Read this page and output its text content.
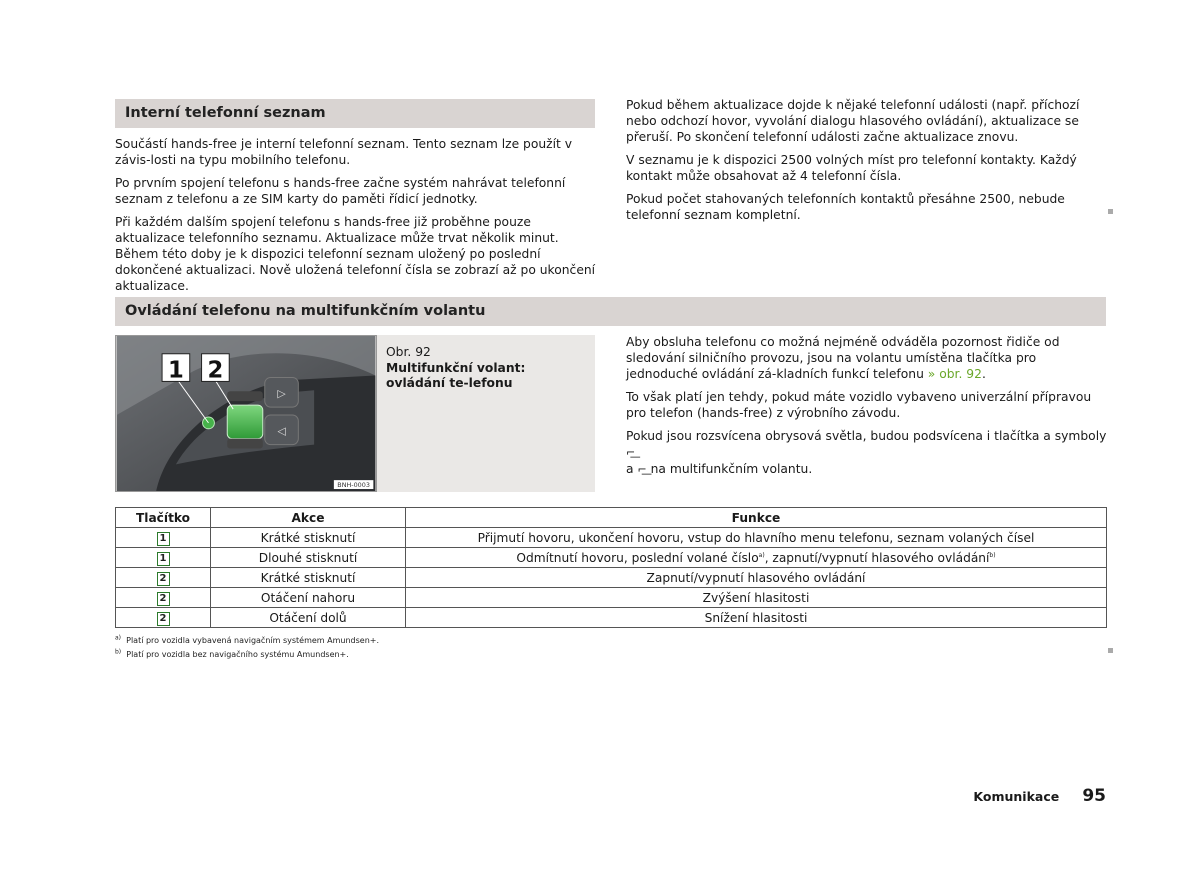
Interní telefonní seznam

Součástí hands-free je interní telefonní seznam. Tento seznam lze použít v závis-losti na typu mobilního telefonu.

Po prvním spojení telefonu s hands-free začne systém nahrávat telefonní seznam z telefonu a ze SIM karty do paměti řídicí jednotky.

Při každém dalším spojení telefonu s hands-free již proběhne pouze aktualizace telefonního seznamu. Aktualizace může trvat několik minut. Během této doby je k dispozici telefonní seznam uložený po poslední dokončené aktualizaci. Nově uložená telefonní čísla se zobrazí až po ukončení aktualizace.

Pokud během aktualizace dojde k nějaké telefonní události (např. příchozí nebo odchozí hovor, vyvolání dialogu hlasového ovládání), aktualizace se přeruší. Po skončení telefonní události začne aktualizace znovu.

V seznamu je k dispozici 2500 volných míst pro telefonní kontakty. Každý kontakt může obsahovat až 4 telefonní čísla.

Pokud počet stahovaných telefonních kontaktů přesáhne 2500, nebude telefonní seznam kompletní.

Ovládání telefonu na multifunkčním volantu
▷
◁
1 2
BNH-0003
Obr. 92
Multifunkční volant: ovládání te-lefonu

Aby obsluha telefonu co možná nejméně odváděla pozornost řidiče od sledování silničního provozu, jsou na volantu umístěna tlačítka pro jednoduché ovládání zá-kladních funkcí telefonu » obr. 92.

To však platí jen tehdy, pokud máte vozidlo vybaveno univerzální přípravou pro telefon (hands-free) z výrobního závodu.

Pokud jsou rozsvícena obrysová světla, budou podsvícena i tlačítka a symboly ⌐͟
a ⌐͟ na multifunkčním volantu.

Tlačítko	Akce	Funkce
1	Krátké stisknutí	Přijmutí hovoru, ukončení hovoru, vstup do hlavního menu telefonu, seznam volaných čísel
1	Dlouhé stisknutí	Odmítnutí hovoru, poslední volané číslo$^{a)}$, zapnutí/vypnutí hlasového ovládání$^{b)}$
2	Krátké stisknutí	Zapnutí/vypnutí hlasového ovládání
2	Otáčení nahoru	Zvýšení hlasitosti
2	Otáčení dolů	Snížení hlasitosti
$^{a)}$ Platí pro vozidla vybavená navigačním systémem Amundsen+.
$^{b)}$ Platí pro vozidla bez navigačního systému Amundsen+.
Komunikace 95
